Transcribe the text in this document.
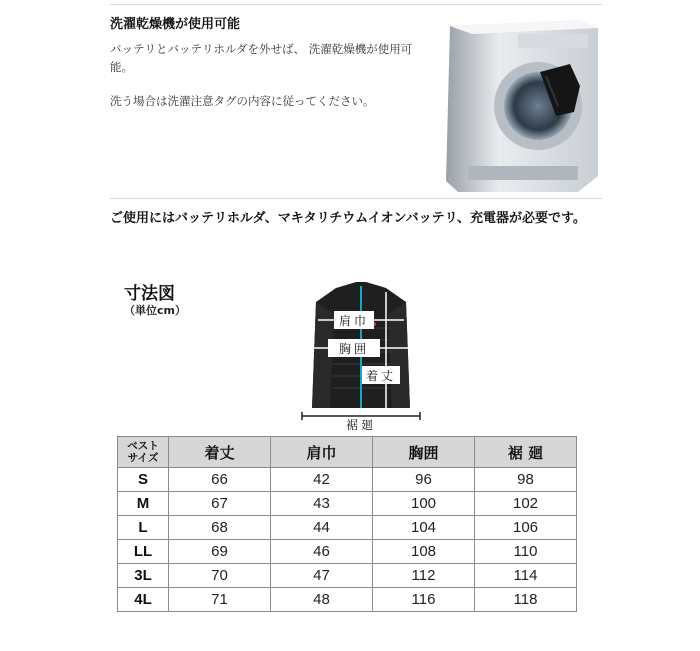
洗濯乾燥機が使用可能

バッテリとバッテリホルダを外せば、 洗濯乾燥機が使用可能。

洗う場合は洗濯注意タグの内容に従ってください。

ご使用にはバッテリホルダ、マキタリチウムイオンバッテリ、充電器が必要です。

寸法図

（単位cm）

肩巾
胸囲
着丈
裾廻
ベスト
サイズ	着丈	肩巾	胸囲	裾 廻
S	66	42	96	98
M	67	43	100	102
L	68	44	104	106
LL	69	46	108	110
3L	70	47	112	114
4L	71	48	116	118
